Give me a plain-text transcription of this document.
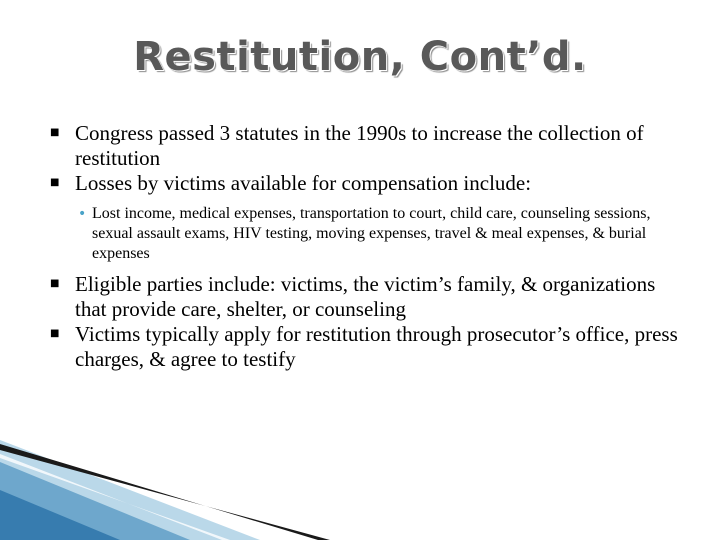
Restitution, Cont’d.
■ Congress passed 3 statutes in the 1990s to increase the collection of restitution
■ Losses by victims available for compensation include:
• Lost income, medical expenses, transportation to court, child care, counseling sessions, sexual assault exams, HIV testing, moving expenses, travel & meal expenses, & burial expenses
■ Eligible parties include: victims, the victim’s family, & organizations that provide care, shelter, or counseling
■ Victims typically apply for restitution through prosecutor’s office, press charges, & agree to testify
